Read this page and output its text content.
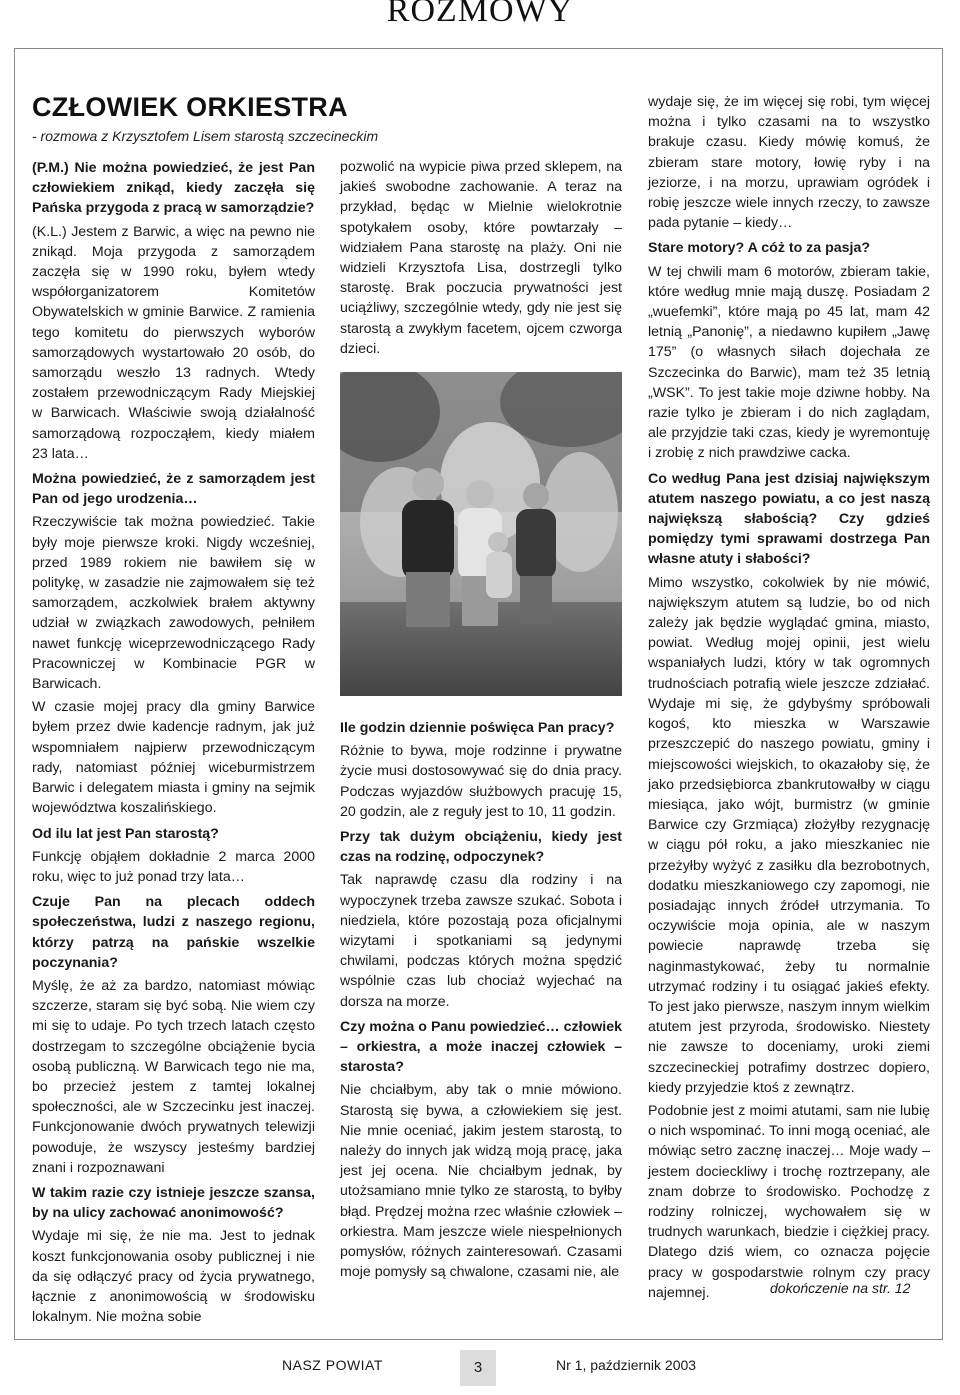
ROZMOWY
CZŁOWIEK ORKIESTRA
- rozmowa z Krzysztofem Lisem starostą szczecineckim

(P.M.) Nie można powiedzieć, że jest Pan człowiekiem znikąd, kiedy zaczęła się Pańska przygoda z pracą w samorządzie?

(K.L.) Jestem z Barwic, a więc na pewno nie znikąd. Moja przygoda z samorządem zaczęła się w 1990 roku, byłem wtedy współorganizatorem Komitetów Obywatelskich w gminie Barwice. Z ramienia tego komitetu do pierwszych wyborów samorządowych wystartowało 20 osób, do samorządu weszło 13 radnych. Wtedy zostałem przewodniczącym Rady Miejskiej w Barwicach. Właściwie swoją działalność samorządową rozpocząłem, kiedy miałem 23 lata…

Można powiedzieć, że z samorządem jest Pan od jego urodzenia…

Rzeczywiście tak można powiedzieć. Takie były moje pierwsze kroki. Nigdy wcześniej, przed 1989 rokiem nie bawiłem się w politykę, w zasadzie nie zajmowałem się też samorządem, aczkolwiek brałem aktywny udział w związkach zawodowych, pełniłem nawet funkcję wiceprzewodniczącego Rady Pracowniczej w Kombinacie PGR w Barwicach.

W czasie mojej pracy dla gminy Barwice byłem przez dwie kadencje radnym, jak już wspomniałem najpierw przewodniczącym rady, natomiast później wiceburmistrzem Barwic i delegatem miasta i gminy na sejmik województwa koszalińskiego.

Od ilu lat jest Pan starostą?

Funkcję objąłem dokładnie 2 marca 2000 roku, więc to już ponad trzy lata…

Czuje Pan na plecach oddech społeczeństwa, ludzi z naszego regionu, którzy patrzą na pańskie wszelkie poczynania?

Myślę, że aż za bardzo, natomiast mówiąc szczerze, staram się być sobą. Nie wiem czy mi się to udaje. Po tych trzech latach często dostrzegam to szczególne obciążenie bycia osobą publiczną. W Barwicach tego nie ma, bo przecież jestem z tamtej lokalnej społeczności, ale w Szczecinku jest inaczej. Funkcjonowanie dwóch prywatnych telewizji powoduje, że wszyscy jesteśmy bardziej znani i rozpoznawani

W takim razie czy istnieje jeszcze szansa, by na ulicy zachować anonimowość?

Wydaje mi się, że nie ma. Jest to jednak koszt funkcjonowania osoby publicznej i nie da się odłączyć pracy od życia prywatnego, łącznie z anonimowością w środowisku lokalnym. Nie można sobie

pozwolić na wypicie piwa przed sklepem, na jakieś swobodne zachowanie. A teraz na przykład, będąc w Mielnie wielokrotnie spotykałem osoby, które powtarzały – widziałem Pana starostę na plaży. Oni nie widzieli Krzysztofa Lisa, dostrzegli tylko starostę. Brak poczucia prywatności jest uciążliwy, szczególnie wtedy, gdy nie jest się starostą a zwykłym facetem, ojcem czworga dzieci.

Ile godzin dziennie poświęca Pan pracy?

Różnie to bywa, moje rodzinne i prywatne życie musi dostosowywać się do dnia pracy. Podczas wyjazdów służbowych pracuję 15, 20 godzin, ale z reguły jest to 10, 11 godzin.

Przy tak dużym obciążeniu, kiedy jest czas na rodzinę, odpoczynek?

Tak naprawdę czasu dla rodziny i na wypoczynek trzeba zawsze szukać. Sobota i niedziela, które pozostają poza oficjalnymi wizytami i spotkaniami są jedynymi chwilami, podczas których można spędzić wspólnie czas lub chociaż wyjechać na dorsza na morze.

Czy można o Panu powiedzieć… człowiek – orkiestra, a może inaczej człowiek – starosta?

Nie chciałbym, aby tak o mnie mówiono. Starostą się bywa, a człowiekiem się jest. Nie mnie oceniać, jakim jestem starostą, to należy do innych jak widzą moją pracę, jaka jest jej ocena. Nie chciałbym jednak, by utożsamiano mnie tylko ze starostą, to byłby błąd. Prędzej można rzec właśnie człowiek – orkiestra. Mam jeszcze wiele niespełnionych pomysłów, różnych zainteresowań. Czasami moje pomysły są chwalone, czasami nie, ale

wydaje się, że im więcej się robi, tym więcej można i tylko czasami na to wszystko brakuje czasu. Kiedy mówię komuś, że zbieram stare motory, łowię ryby i na jeziorze, i na morzu, uprawiam ogródek i robię jeszcze wiele innych rzeczy, to zawsze pada pytanie – kiedy…

Stare motory? A cóż to za pasja?

W tej chwili mam 6 motorów, zbieram takie, które według mnie mają duszę. Posiadam 2 „wuefemki”, które mają po 45 lat, mam 42 letnią „Panonię”, a niedawno kupiłem „Jawę 175” (o własnych siłach dojechała ze Szczecinka do Barwic), mam też 35 letnią „WSK”. To jest takie moje dziwne hobby. Na razie tylko je zbieram i do nich zaglądam, ale przyjdzie taki czas, kiedy je wyremontuję i zrobię z nich prawdziwe cacka.

Co według Pana jest dzisiaj największym atutem naszego powiatu, a co jest naszą największą słabością? Czy gdzieś pomiędzy tymi sprawami dostrzega Pan własne atuty i słabości?

Mimo wszystko, cokolwiek by nie mówić, największym atutem są ludzie, bo od nich zależy jak będzie wyglądać gmina, miasto, powiat. Według mojej opinii, jest wielu wspaniałych ludzi, który w tak ogromnych trudnościach potrafią wiele jeszcze zdziałać. Wydaje mi się, że gdybyśmy spróbowali kogoś, kto mieszka w Warszawie przeszczepić do naszego powiatu, gminy i miejscowości wiejskich, to okazałoby się, że jako przedsiębiorca zbankrutowałby w ciągu miesiąca, jako wójt, burmistrz (w gminie Barwice czy Grzmiąca) złożyłby rezygnację w ciągu pół roku, a jako mieszkaniec nie przeżyłby wyżyć z zasiłku dla bezrobotnych, dodatku mieszkaniowego czy zapomogi, nie posiadając innych źródeł utrzymania. To oczywiście moja opinia, ale w naszym powiecie naprawdę trzeba się naginmastykować, żeby tu normalnie utrzymać rodziny i tu osiągać jakieś efekty. To jest jako pierwsze, naszym innym wielkim atutem jest przyroda, środowisko. Niestety nie zawsze to doceniamy, uroki ziemi szczecineckiej potrafimy dostrzec dopiero, kiedy przyjedzie ktoś z zewnątrz.

Podobnie jest z moimi atutami, sam nie lubię o nich wspominać. To inni mogą oceniać, ale mówiąc setro zacznę inaczej… Moje wady – jestem docieckliwy i trochę roztrzepany, ale znam dobrze to środowisko. Pochodzę z rodziny rolniczej, wychowałem się w trudnych warunkach, biedzie i ciężkiej pracy. Dlatego dziś wiem, co oznacza pojęcie pracy w gospodarstwie rolnym czy pracy najemnej.	dokończenie na str. 12
NASZ POWIAT	3	Nr 1, październik 2003
